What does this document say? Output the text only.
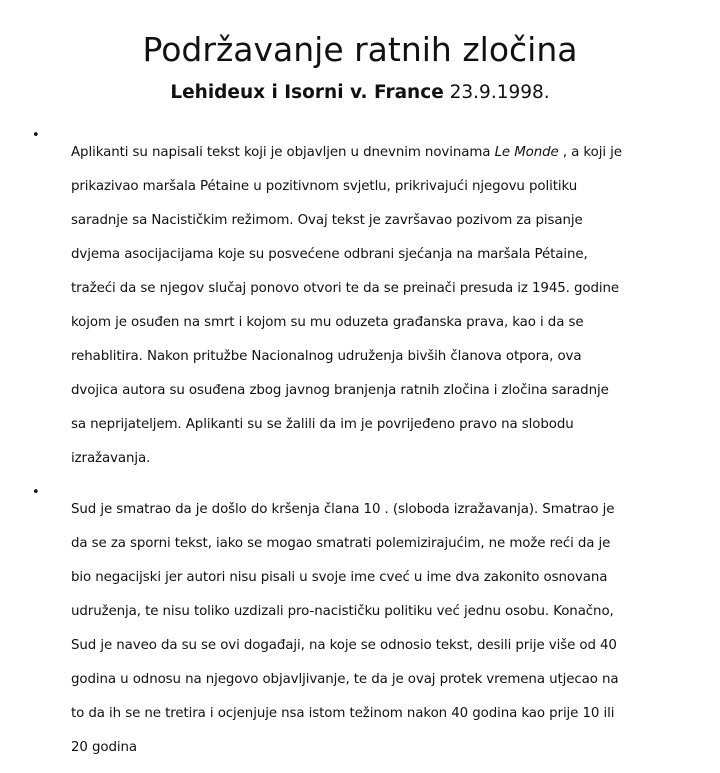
Podržavanje ratnih zločina
Lehideux i Isorni v. France 23.9.1998.
•

Aplikanti su napisali tekst koji je objavljen u dnevnim novinama Le Monde , a koji je

prikazivao maršala Pétaine u pozitivnom svjetlu, prikrivajući njegovu politiku

saradnje sa Nacističkim režimom. Ovaj tekst je završavao pozivom za pisanje

dvjema asocijacijama koje su posvećene odbrani sjećanja na maršala Pétaine,

tražeći da se njegov slučaj ponovo otvori te da se preinači presuda iz 1945. godine

kojom je osuđen na smrt i kojom su mu oduzeta građanska prava, kao i da se

rehablitira. Nakon pritužbe Nacionalnog udruženja bivših članova otpora, ova

dvojica autora su osuđena zbog javnog branjenja ratnih zločina i zločina saradnje

sa neprijateljem. Aplikanti su se žalili da im je povrijeđeno pravo na slobodu

izražavanja.

•

Sud je smatrao da je došlo do kršenja člana 10 . (sloboda izražavanja). Smatrao je

da se za sporni tekst, iako se mogao smatrati polemizirajućim, ne može reći da je

bio negacijski jer autori nisu pisali u svoje ime cveć u ime dva zakonito osnovana

udruženja, te nisu toliko uzdizali pro-nacističku politiku već jednu osobu. Konačno,

Sud je naveo da su se ovi događaji, na koje se odnosio tekst, desili prije više od 40

godina u odnosu na njegovo objavljivanje, te da je ovaj protek vremena utjecao na

to da ih se ne tretira i ocjenjuje nsa istom težinom nakon 40 godina kao prije 10 ili

20 godina
